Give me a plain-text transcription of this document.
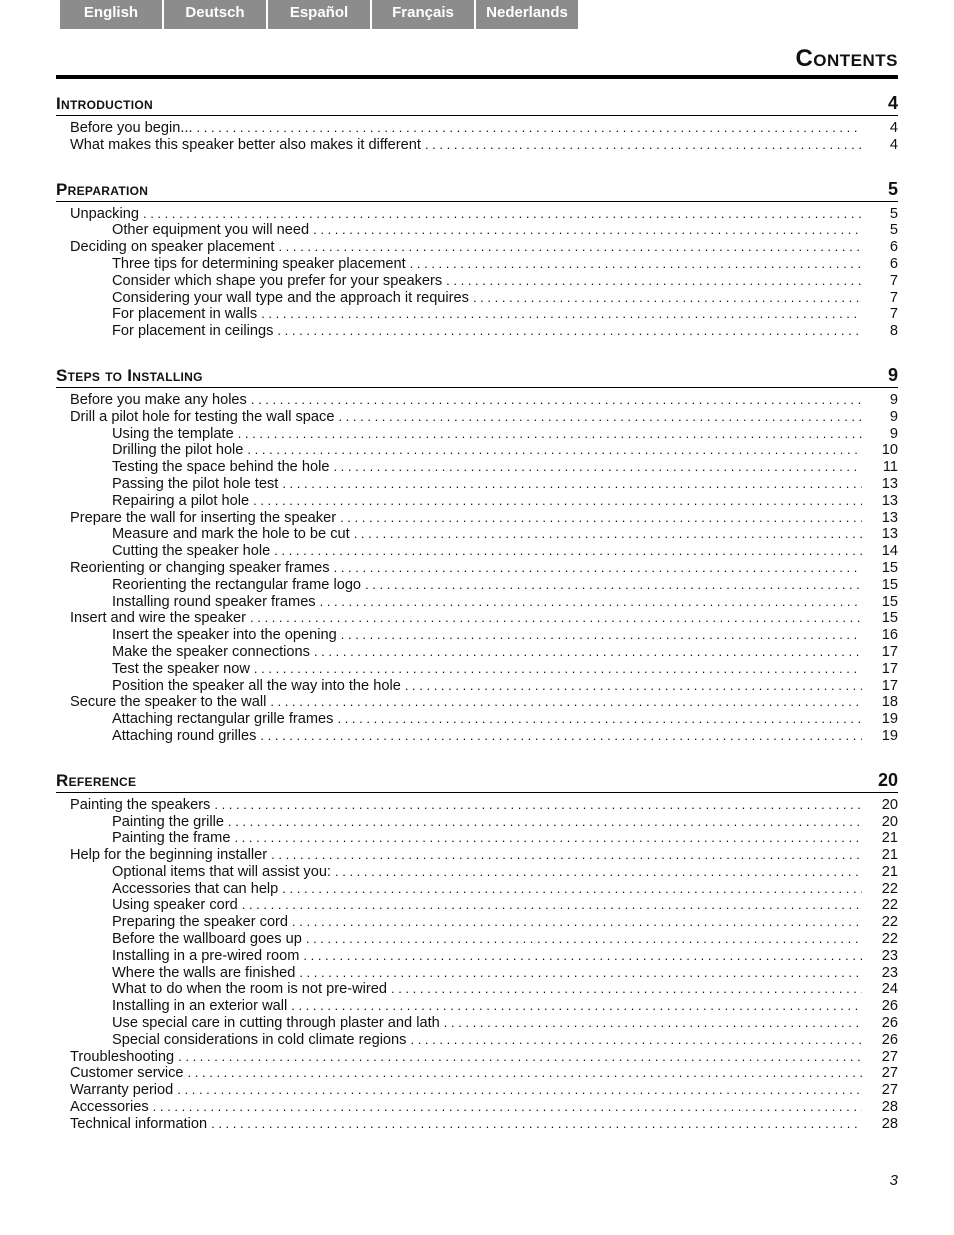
English	Deutsch	Español	Français	Nederlands
Contents
Introduction	4
Before you begin... . . .	4
What makes this speaker better also makes it different . . .	4
Preparation	5
Unpacking . . .	5
Other equipment you will need . . .	5
Deciding on speaker placement . . .	6
Three tips for determining speaker placement . . .	6
Consider which shape you prefer for your speakers . . .	7
Considering your wall type and the approach it requires . . .	7
For placement in walls . . .	7
For placement in ceilings . . .	8
Steps to Installing	9
Before you make any holes . . .	9
Drill a pilot hole for testing the wall space . . .	9
Using the template . . .	9
Drilling the pilot hole . . .	10
Testing the space behind the hole . . .	11
Passing the pilot hole test . . .	13
Repairing a pilot hole . . .	13
Prepare the wall for inserting the speaker . . .	13
Measure and mark the hole to be cut . . .	13
Cutting the speaker hole . . .	14
Reorienting or changing speaker frames . . .	15
Reorienting the rectangular frame logo . . .	15
Installing round speaker frames . . .	15
Insert and wire the speaker . . .	15
Insert the speaker into the opening . . .	16
Make the speaker connections . . .	17
Test the speaker now . . .	17
Position the speaker all the way into the hole . . .	17
Secure the speaker to the wall . . .	18
Attaching rectangular grille frames . . .	19
Attaching round grilles . . .	19
Reference	20
Painting the speakers . . .	20
Painting the grille . . .	20
Painting the frame . . .	21
Help for the beginning installer . . .	21
Optional items that will assist you: . . .	21
Accessories that can help . . .	22
Using speaker cord . . .	22
Preparing the speaker cord . . .	22
Before the wallboard goes up . . .	22
Installing in a pre-wired room . . .	23
Where the walls are finished . . .	23
What to do when the room is not pre-wired . . .	24
Installing in an exterior wall . . .	26
Use special care in cutting through plaster and lath . . .	26
Special considerations in cold climate regions . . .	26
Troubleshooting . . .	27
Customer service . . .	27
Warranty period . . .	27
Accessories . . .	28
Technical information . . .	28
3
